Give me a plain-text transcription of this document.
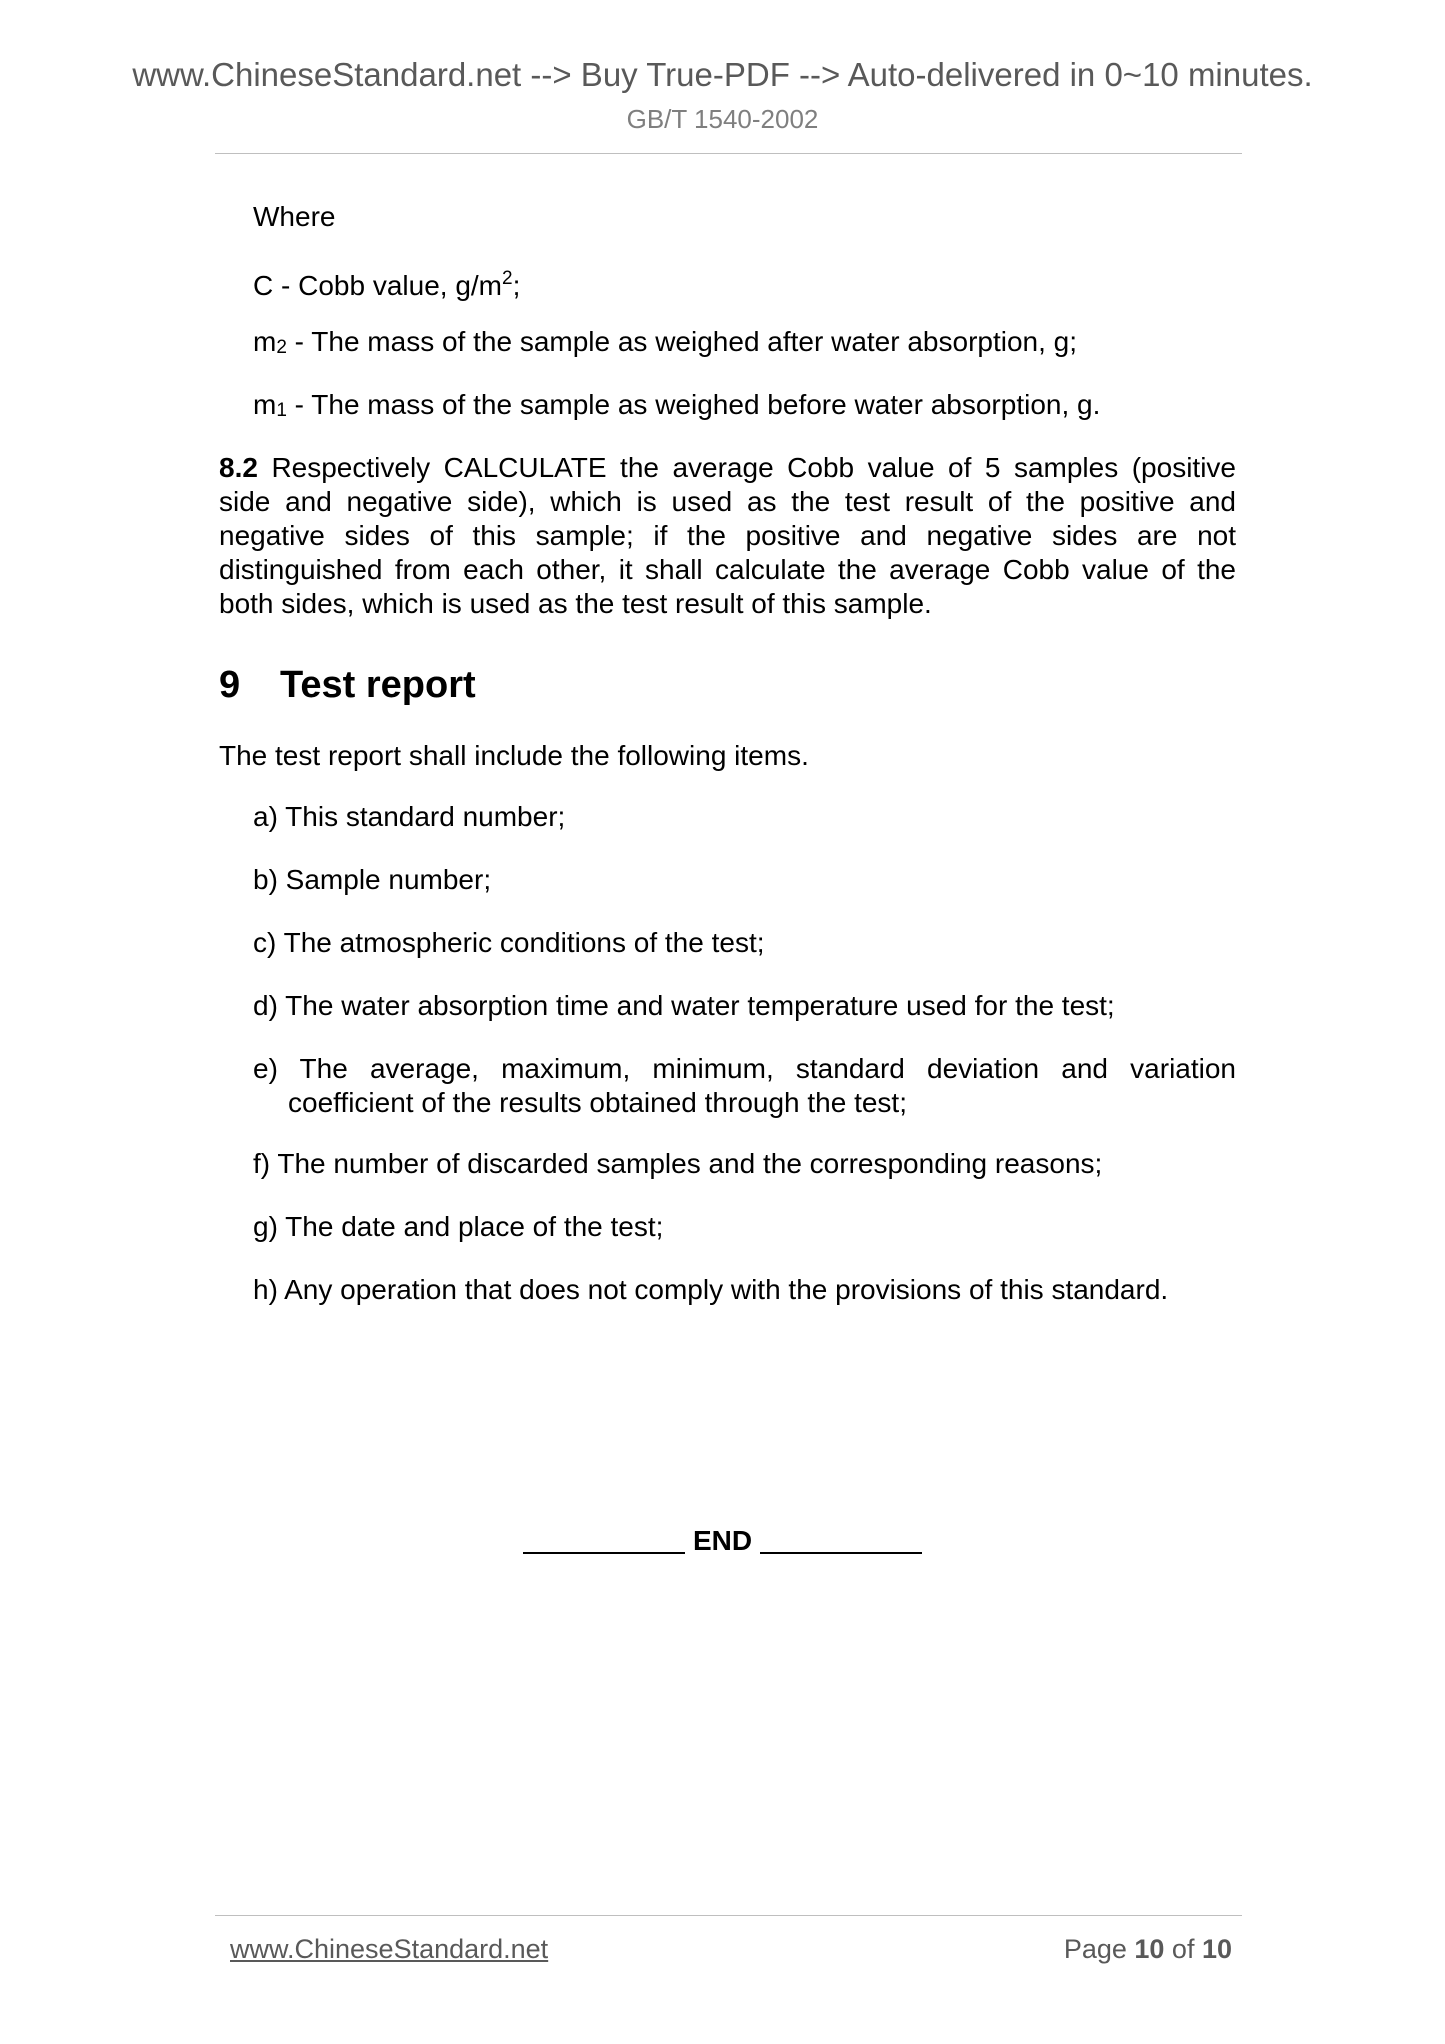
www.ChineseStandard.net --> Buy True-PDF --> Auto-delivered in 0~10 minutes.
GB/T 1540-2002
Where
C - Cobb value, $g/m^2$;
m2 - The mass of the sample as weighed after water absorption, g;
m1 - The mass of the sample as weighed before water absorption, g.
8.2 Respectively CALCULATE the average Cobb value of 5 samples (positive side and negative side), which is used as the test result of the positive and negative sides of this sample; if the positive and negative sides are not distinguished from each other, it shall calculate the average Cobb value of the both sides, which is used as the test result of this sample.
9 Test report
The test report shall include the following items.
a) This standard number;
b) Sample number;
c) The atmospheric conditions of the test;
d) The water absorption time and water temperature used for the test;
e) The average, maximum, minimum, standard deviation and variation
coefficient of the results obtained through the test;
f) The number of discarded samples and the corresponding reasons;
g) The date and place of the test;
h) Any operation that does not comply with the provisions of this standard.
END
www.ChineseStandard.net	Page 10 of 10
